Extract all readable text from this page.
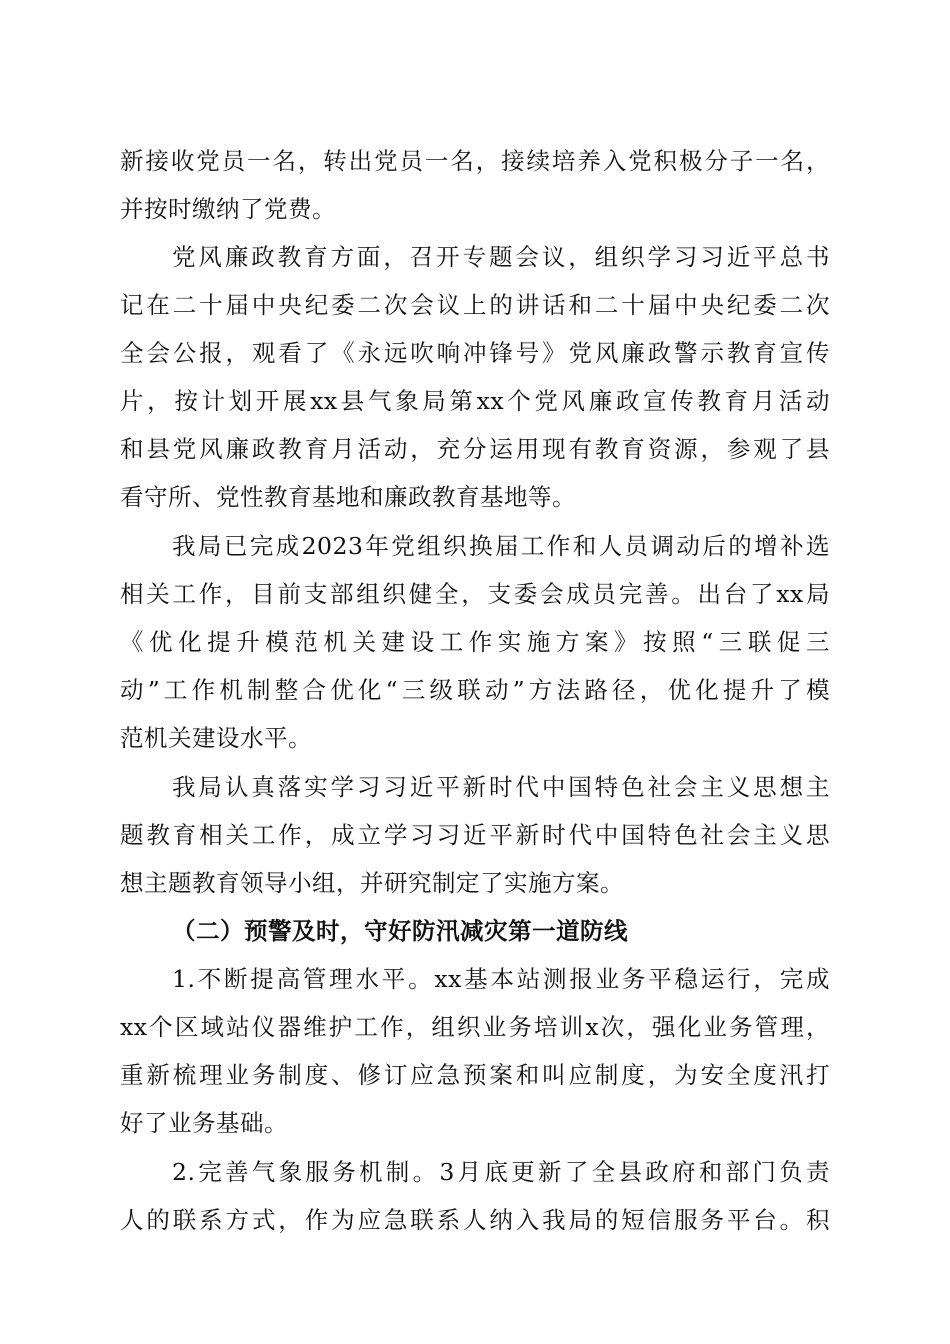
新接收党员一名，转出党员一名，接续培养入党积极分子一名，
并按时缴纳了党费。
党风廉政教育方面，召开专题会议，组织学习习近平总书
记在二十届中央纪委二次会议上的讲话和二十届中央纪委二次
全会公报，观看了《永远吹响冲锋号》党风廉政警示教育宣传
片，按计划开展xx县气象局第xx个党风廉政宣传教育月活动
和县党风廉政教育月活动，充分运用现有教育资源，参观了县
看守所、党性教育基地和廉政教育基地等。
我局已完成2023年党组织换届工作和人员调动后的增补选
相关工作，目前支部组织健全，支委会成员完善。出台了xx局
《优化提升模范机关建设工作实施方案》按照“三联促三
动”工作机制整合优化“三级联动”方法路径，优化提升了模
范机关建设水平。
我局认真落实学习习近平新时代中国特色社会主义思想主
题教育相关工作，成立学习习近平新时代中国特色社会主义思
想主题教育领导小组，并研究制定了实施方案。
（二）预警及时，守好防汛减灾第一道防线
1.不断提高管理水平。xx基本站测报业务平稳运行，完成
xx个区域站仪器维护工作，组织业务培训x次，强化业务管理，
重新梳理业务制度、修订应急预案和叫应制度，为安全度汛打
好了业务基础。
2.完善气象服务机制。3月底更新了全县政府和部门负责
人的联系方式，作为应急联系人纳入我局的短信服务平台。积
